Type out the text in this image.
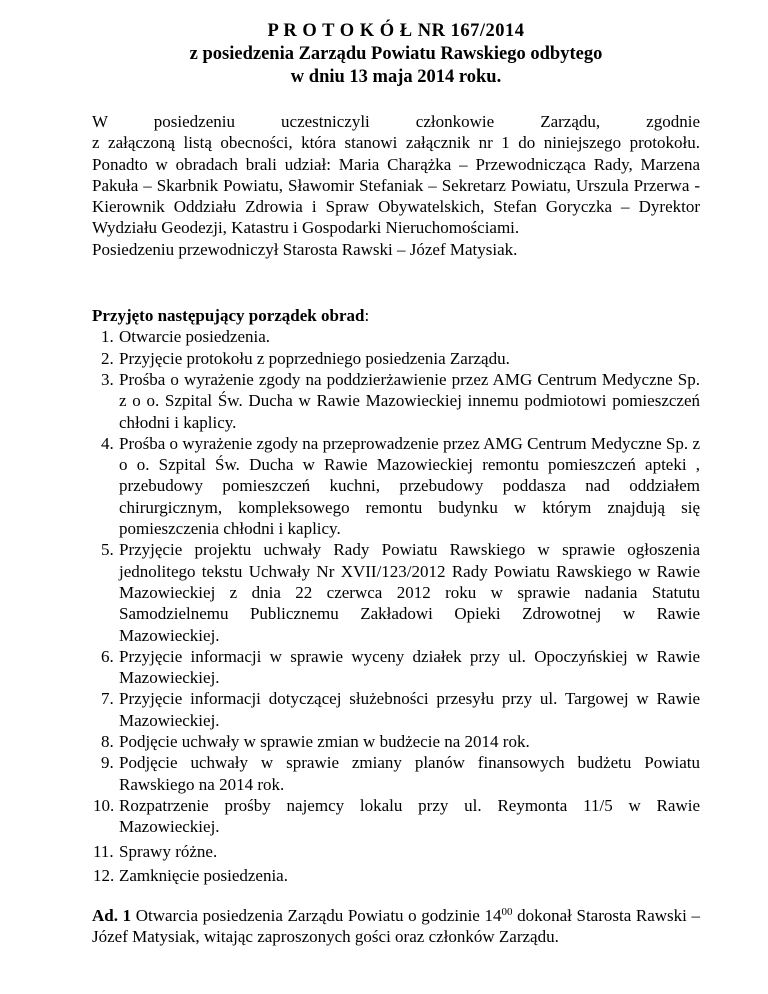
P R O T O K Ó Ł NR 167/2014
z posiedzenia Zarządu Powiatu Rawskiego odbytego
w dniu 13 maja 2014 roku.

W posiedzeniu uczestniczyli członkowie Zarządu, zgodnie

z załączoną listą obecności, która stanowi załącznik nr 1 do niniejszego protokołu. Ponadto w obradach brali udział: Maria Charążka – Przewodnicząca Rady, Marzena Pakuła – Skarbnik Powiatu, Sławomir Stefaniak – Sekretarz Powiatu, Urszula Przerwa - Kierownik Oddziału Zdrowia i Spraw Obywatelskich, Stefan Goryczka – Dyrektor Wydziału Geodezji, Katastru i Gospodarki Nieruchomościami.

Posiedzeniu przewodniczył Starosta Rawski – Józef Matysiak.

Przyjęto następujący porządek obrad:
1. Otwarcie posiedzenia.
2. Przyjęcie protokołu z poprzedniego posiedzenia Zarządu.
3. Prośba o wyrażenie zgody na poddzierżawienie przez AMG Centrum Medyczne Sp. z o o. Szpital Św. Ducha w Rawie Mazowieckiej innemu podmiotowi pomieszczeń chłodni i kaplicy.
4. Prośba o wyrażenie zgody na przeprowadzenie przez AMG Centrum Medyczne Sp. z o o. Szpital Św. Ducha w Rawie Mazowieckiej remontu pomieszczeń apteki , przebudowy pomieszczeń kuchni, przebudowy poddasza nad oddziałem chirurgicznym, kompleksowego remontu budynku w którym znajdują się pomieszczenia chłodni i kaplicy.
5. Przyjęcie projektu uchwały Rady Powiatu Rawskiego w sprawie ogłoszenia jednolitego tekstu Uchwały Nr XVII/123/2012 Rady Powiatu Rawskiego w Rawie Mazowieckiej z dnia 22 czerwca 2012 roku w sprawie nadania Statutu Samodzielnemu Publicznemu Zakładowi Opieki Zdrowotnej w Rawie Mazowieckiej.
6. Przyjęcie informacji w sprawie wyceny działek przy ul. Opoczyńskiej w Rawie Mazowieckiej.
7. Przyjęcie informacji dotyczącej służebności przesyłu przy ul. Targowej w Rawie Mazowieckiej.
8. Podjęcie uchwały w sprawie zmian w budżecie na 2014 rok.
9. Podjęcie uchwały w sprawie zmiany planów finansowych budżetu Powiatu Rawskiego na 2014 rok.
10. Rozpatrzenie prośby najemcy lokalu przy ul. Reymonta 11/5 w Rawie Mazowieckiej.
11. Sprawy różne.
12. Zamknięcie posiedzenia.
Ad. 1 Otwarcia posiedzenia Zarządu Powiatu o godzinie $14^{00}$ dokonał Starosta Rawski – Józef Matysiak, witając zaproszonych gości oraz członków Zarządu.
